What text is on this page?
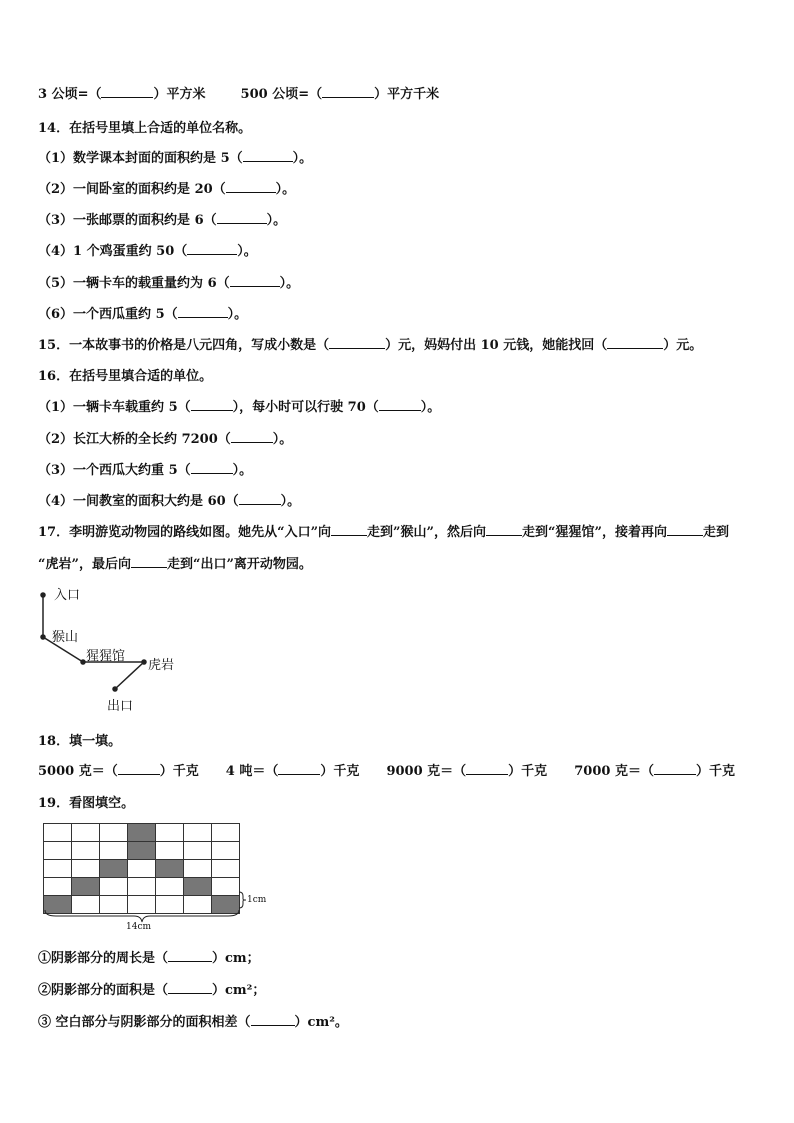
3 公顷=（	）平方米	500 公顷=（	）平方千米
14．在括号里填上合适的单位名称。
（1）数学课本封面的面积约是 5（	）。
（2）一间卧室的面积约是 20（	）。
（3）一张邮票的面积约是 6（	）。
（4）1 个鸡蛋重约 50（	）。
（5）一辆卡车的载重量约为 6（	）。
（6）一个西瓜重约 5（	）。
15．一本故事书的价格是八元四角，写成小数是（	）元，妈妈付出 10 元钱，她能找回（	）元。
16．在括号里填合适的单位。
（1）一辆卡车载重约 5（	），每小时可以行驶 70（	）。
（2）长江大桥的全长约 7200（	）。
（3）一个西瓜大约重 5（	）。
（4）一间教室的面积大约是 60（	）。
17．李明游览动物园的路线如图。她先从“入口”向	走到”猴山”，然后向	走到“猩猩馆”，接着再向	走到
“虎岩”，最后向	走到“出口”离开动物园。
入口
猴山
猩猩馆
虎岩
出口
18．填一填。
5000 克＝（	）千克 4 吨＝（	）千克 9000 克＝（	）千克 7000 克＝（	）千克
19．看图填空。
14cm
1cm
①阴影部分的周长是（	）cm；
②阴影部分的面积是（	）cm²；
③ 空白部分与阴影部分的面积相差（	）cm²。
